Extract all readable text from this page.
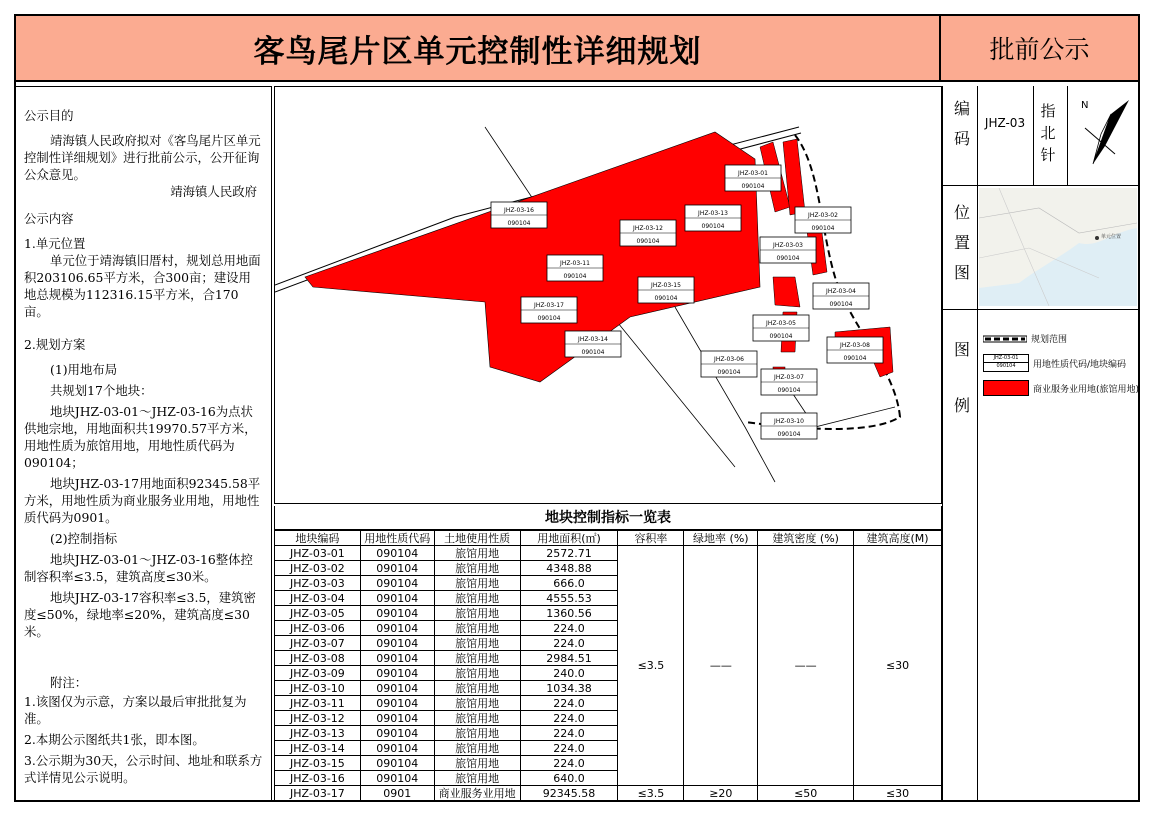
客鸟尾片区单元控制性详细规划	批前公示

公示目的

靖海镇人民政府拟对《客鸟尾片区单元控制性详细规划》进行批前公示，公开征询公众意见。

靖海镇人民政府

公示内容

1.单元位置

单元位于靖海镇旧厝村，规划总用地面积203106.65平方米，合300亩；建设用地总规模为112316.15平方米，合170亩。

2.规划方案

(1)用地布局

共规划17个地块：

地块JHZ-03-01～JHZ-03-16为点状供地宗地，用地面积共19970.57平方米，用地性质为旅馆用地，用地性质代码为090104；

地块JHZ-03-17用地面积92345.58平方米，用地性质为商业服务业用地，用地性质代码为0901。

(2)控制指标

地块JHZ-03-01～JHZ-03-16整体控制容积率≤3.5，建筑高度≤30米。

地块JHZ-03-17容积率≤3.5，建筑密度≤50%，绿地率≤20%，建筑高度≤30米。

附注：

1.该图仅为示意，方案以最后审批批复为准。

2.本期公示图纸共1张，即本图。

3.公示期为30天，公示时间、地址和联系方式详情见公示说明。

JHZ-03-01
090104
JHZ-03-02
090104
JHZ-03-03
090104
JHZ-03-04
090104
JHZ-03-05
090104
JHZ-03-06
090104
JHZ-03-07
090104
JHZ-03-08
090104
JHZ-03-10
090104
JHZ-03-11
090104
JHZ-03-12
090104
JHZ-03-13
090104
JHZ-03-14
090104
JHZ-03-15
090104
JHZ-03-16
090104
JHZ-03-17
090104
地块控制指标一览表
地块编码	用地性质代码	土地使用性质	用地面积(㎡)	容积率	绿地率 (%)	建筑密度 (%)	建筑高度(M)
JHZ-03-01	090104	旅馆用地	2572.71	≤3.5	——	——	≤30
JHZ-03-02	090104	旅馆用地	4348.88				
JHZ-03-03	090104	旅馆用地	666.0				
JHZ-03-04	090104	旅馆用地	4555.53				
JHZ-03-05	090104	旅馆用地	1360.56				
JHZ-03-06	090104	旅馆用地	224.0				
JHZ-03-07	090104	旅馆用地	224.0				
JHZ-03-08	090104	旅馆用地	2984.51				
JHZ-03-09	090104	旅馆用地	240.0				
JHZ-03-10	090104	旅馆用地	1034.38				
JHZ-03-11	090104	旅馆用地	224.0				
JHZ-03-12	090104	旅馆用地	224.0				
JHZ-03-13	090104	旅馆用地	224.0				
JHZ-03-14	090104	旅馆用地	224.0				
JHZ-03-15	090104	旅馆用地	224.0				
JHZ-03-16	090104	旅馆用地	640.0				
JHZ-03-17	0901	商业服务业用地	92345.58	≤3.5	≥20	≤50	≤30
编码
JHZ-03
指北针
N
位置图
单元位置
图例
规划范围
JHZ-03-01
090104	用地性质代码/地块编码
商业服务业用地(旅馆用地)
